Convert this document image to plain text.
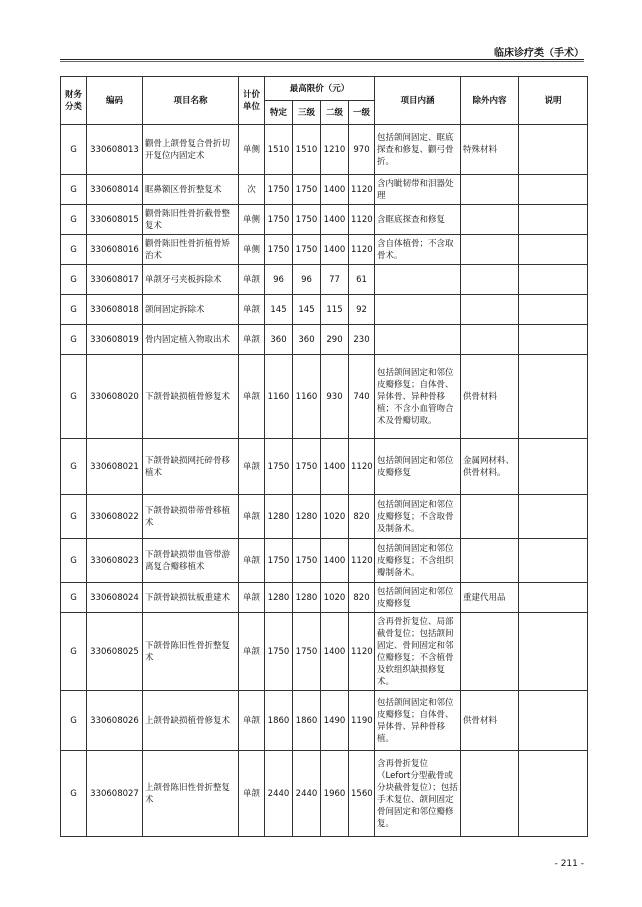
临床诊疗类（手术）
财务分类	编码	项目名称	计价单位	最高限价（元）				项目内涵	除外内容	说明
				特定	三级	二级	一级			
G	330608013	颧骨上颌骨复合骨折切开复位内固定术	单侧	1510	1510	1210	970	包括颌间固定、眶底探查和修复、颧弓骨折。	特殊材料	
G	330608014	眶鼻额区骨折整复术	次	1750	1750	1400	1120	含内眦韧带和泪器处理		
G	330608015	颧骨陈旧性骨折截骨整复术	单侧	1750	1750	1400	1120	含眶底探查和修复		
G	330608016	颧骨陈旧性骨折植骨矫治术	单侧	1750	1750	1400	1120	含自体植骨；不含取骨术。		
G	330608017	单颌牙弓夹板拆除术	单颌	96	96	77	61			
G	330608018	颌间固定拆除术	单颌	145	145	115	92			
G	330608019	骨内固定植入物取出术	单颌	360	360	290	230			
G	330608020	下颌骨缺损植骨修复术	单颌	1160	1160	930	740	包括颌间固定和邻位皮瓣修复；自体骨、异体骨、异种骨移植；不含小血管吻合术及骨瓣切取。	供骨材料	
G	330608021	下颌骨缺损网托碎骨移植术	单颌	1750	1750	1400	1120	包括颌间固定和邻位皮瓣修复	金属网材料、供骨材料。	
G	330608022	下颌骨缺损带蒂骨移植术	单颌	1280	1280	1020	820	包括颌间固定和邻位皮瓣修复；不含取骨及制备术。		
G	330608023	下颌骨缺损带血管带游离复合瓣移植术	单颌	1750	1750	1400	1120	包括颌间固定和邻位皮瓣修复；不含组织瓣制备术。		
G	330608024	下颌骨缺损钛板重建术	单颌	1280	1280	1020	820	包括颌间固定和邻位皮瓣修复	重建代用品	
G	330608025	下颌骨陈旧性骨折整复术	单颌	1750	1750	1400	1120	含再骨折复位、局部截骨复位；包括颌间固定、骨间固定和邻位瓣修复；不含植骨及软组织缺损修复术。		
G	330608026	上颌骨缺损植骨修复术	单颌	1860	1860	1490	1190	包括颌间固定和邻位皮瓣修复；自体骨、异体骨、异种骨移植。	供骨材料	
G	330608027	上颌骨陈旧性骨折整复术	单颌	2440	2440	1960	1560	含再骨折复位（Lefort分型截骨或分块截骨复位）；包括手术复位、颌间固定骨间固定和邻位瓣修复。		
- 211 -
